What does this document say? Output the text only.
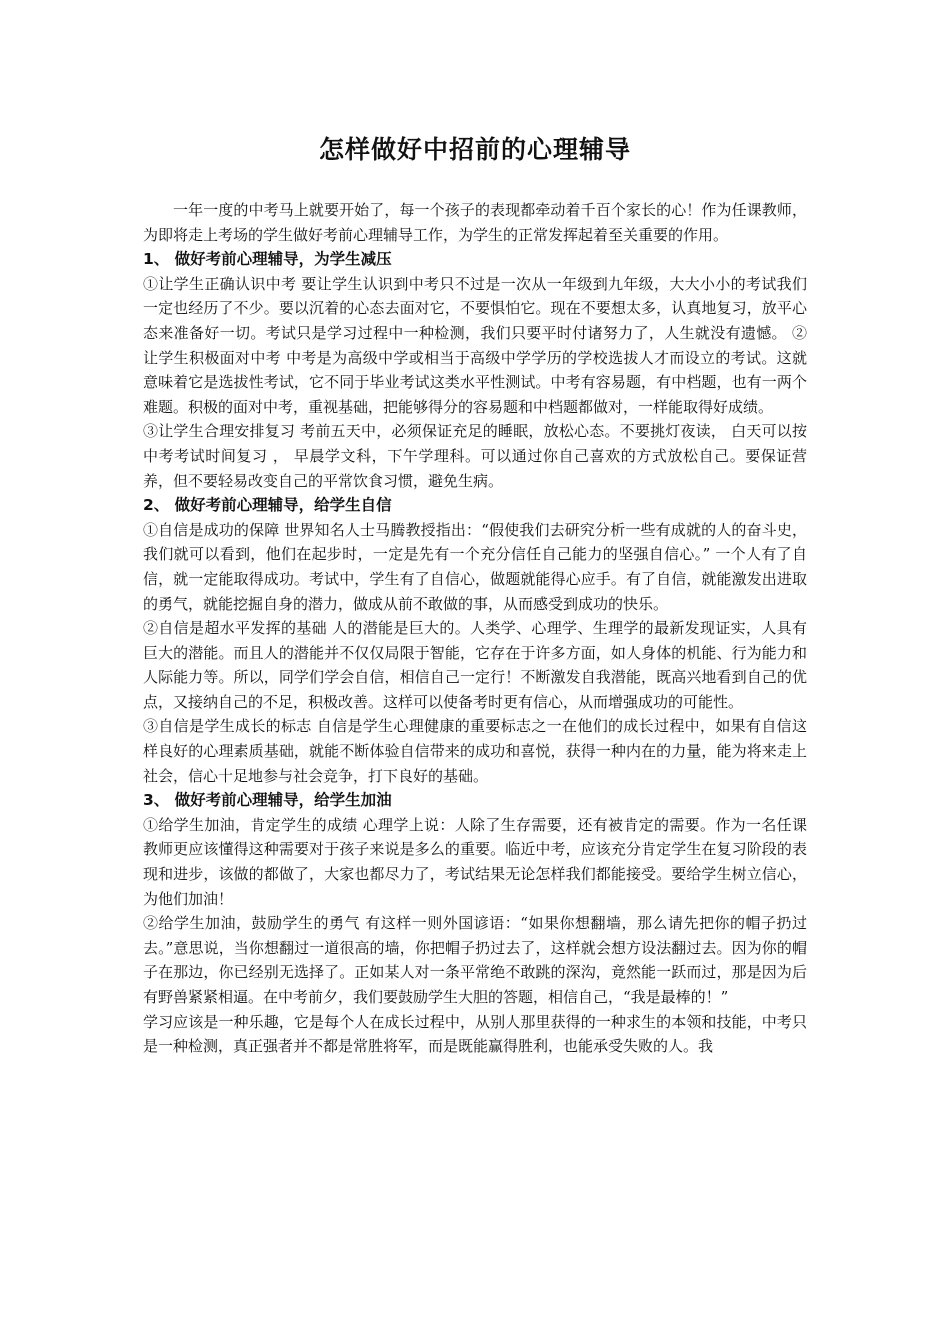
怎样做好中招前的心理辅导

一年一度的中考马上就要开始了，每一个孩子的表现都牵动着千百个家长的心！作为任课教师，为即将走上考场的学生做好考前心理辅导工作，为学生的正常发挥起着至关重要的作用。

1、 做好考前心理辅导，为学生减压

①让学生正确认识中考 要让学生认识到中考只不过是一次从一年级到九年级，大大小小的考试我们一定也经历了不少。要以沉着的心态去面对它，不要惧怕它。现在不要想太多，认真地复习，放平心态来准备好一切。考试只是学习过程中一种检测，我们只要平时付诸努力了，人生就没有遗憾。 ②让学生积极面对中考 中考是为高级中学或相当于高级中学学历的学校选拔人才而设立的考试。这就意味着它是选拔性考试，它不同于毕业考试这类水平性测试。中考有容易题，有中档题，也有一两个难题。积极的面对中考，重视基础，把能够得分的容易题和中档题都做对，一样能取得好成绩。

③让学生合理安排复习 考前五天中，必须保证充足的睡眠，放松心态。不要挑灯夜读， 白天可以按中考考试时间复习 ， 早晨学文科，下午学理科。可以通过你自己喜欢的方式放松自己。要保证营养，但不要轻易改变自己的平常饮食习惯，避免生病。

2、 做好考前心理辅导，给学生自信

①自信是成功的保障 世界知名人士马腾教授指出：“假使我们去研究分析一些有成就的人的奋斗史，我们就可以看到，他们在起步时，一定是先有一个充分信任自己能力的坚强自信心。” 一个人有了自信，就一定能取得成功。考试中，学生有了自信心，做题就能得心应手。有了自信，就能激发出进取的勇气，就能挖掘自身的潜力，做成从前不敢做的事，从而感受到成功的快乐。

②自信是超水平发挥的基础 人的潜能是巨大的。人类学、心理学、生理学的最新发现证实，人具有巨大的潜能。而且人的潜能并不仅仅局限于智能，它存在于许多方面，如人身体的机能、行为能力和人际能力等。所以，同学们学会自信，相信自己一定行！不断激发自我潜能，既高兴地看到自己的优点，又接纳自己的不足，积极改善。这样可以使备考时更有信心，从而增强成功的可能性。

③自信是学生成长的标志 自信是学生心理健康的重要标志之一在他们的成长过程中，如果有自信这样良好的心理素质基础，就能不断体验自信带来的成功和喜悦，获得一种内在的力量，能为将来走上社会，信心十足地参与社会竞争，打下良好的基础。

3、 做好考前心理辅导，给学生加油

①给学生加油，肯定学生的成绩 心理学上说：人除了生存需要，还有被肯定的需要。作为一名任课教师更应该懂得这种需要对于孩子来说是多么的重要。临近中考，应该充分肯定学生在复习阶段的表现和进步，该做的都做了，大家也都尽力了，考试结果无论怎样我们都能接受。要给学生树立信心，为他们加油！

②给学生加油，鼓励学生的勇气 有这样一则外国谚语：“如果你想翻墙，那么请先把你的帽子扔过去。”意思说，当你想翻过一道很高的墙，你把帽子扔过去了，这样就会想方设法翻过去。因为你的帽子在那边，你已经别无选择了。正如某人对一条平常绝不敢跳的深沟，竟然能一跃而过，那是因为后有野兽紧紧相逼。在中考前夕，我们要鼓励学生大胆的答题，相信自己，“我是最棒的！”

学习应该是一种乐趣，它是每个人在成长过程中，从别人那里获得的一种求生的本领和技能，中考只是一种检测，真正强者并不都是常胜将军，而是既能赢得胜利，也能承受失败的人。我
